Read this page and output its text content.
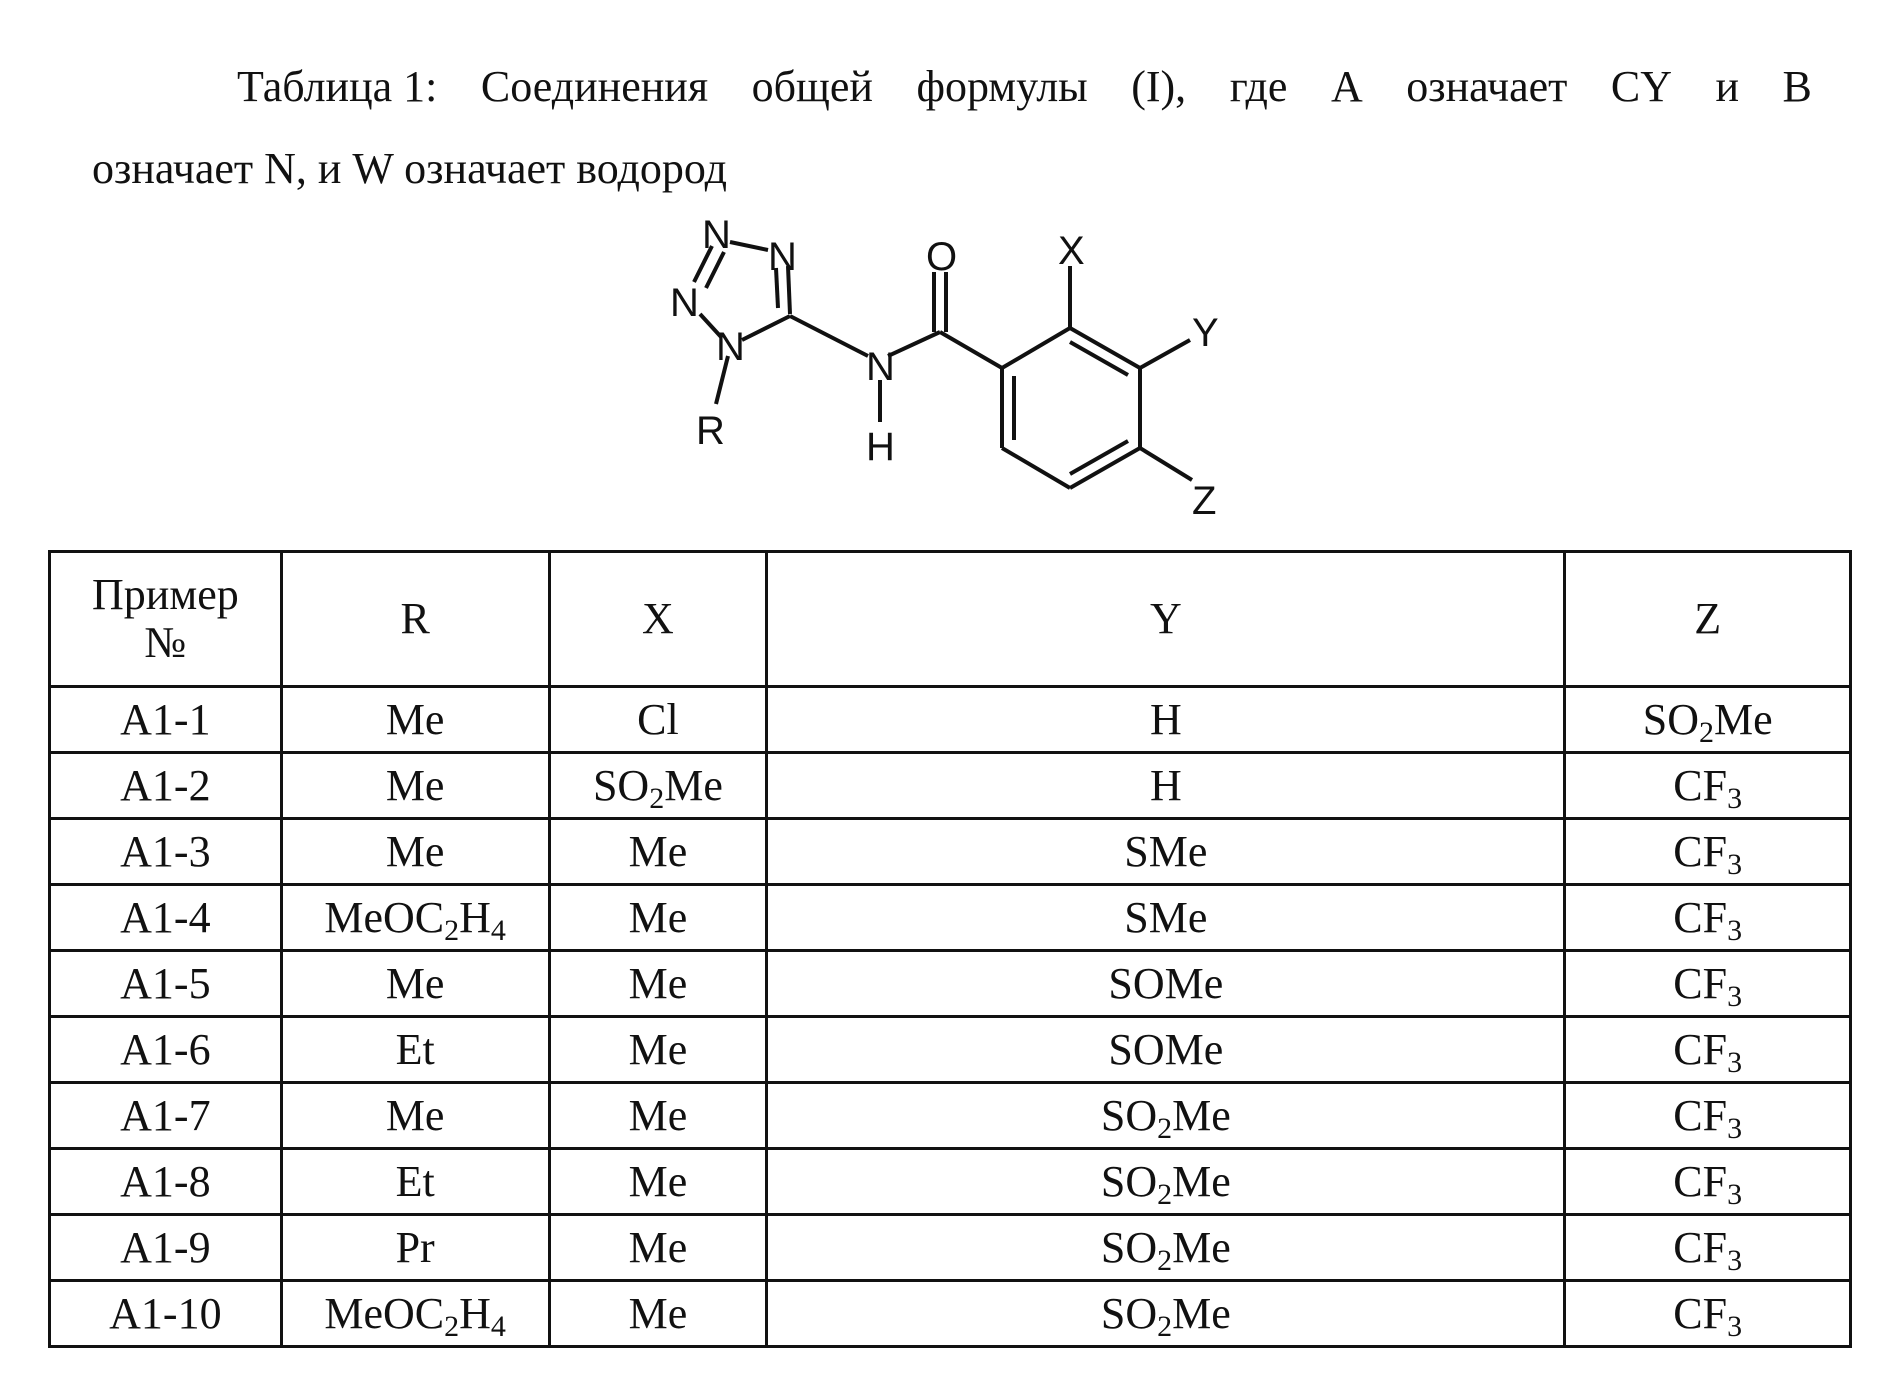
Таблица 1: Соединения общей формулы (I), где A означает CY и B
означает N, и W означает водород
N N
N
N
R
O
N
H
X
Y
Z
Пример
№	R	X	Y	Z
A1-1	Me	Cl	H	$SO_2Me$
A1-2	Me	$SO_2Me$	H	$CF_3$
A1-3	Me	Me	SMe	$CF_3$
A1-4	$MeOC_2H_4$	Me	SMe	$CF_3$
A1-5	Me	Me	SOMe	$CF_3$
A1-6	Et	Me	SOMe	$CF_3$
A1-7	Me	Me	$SO_2Me$	$CF_3$
A1-8	Et	Me	$SO_2Me$	$CF_3$
A1-9	Pr	Me	$SO_2Me$	$CF_3$
A1-10	$MeOC_2H_4$	Me	$SO_2Me$	$CF_3$
